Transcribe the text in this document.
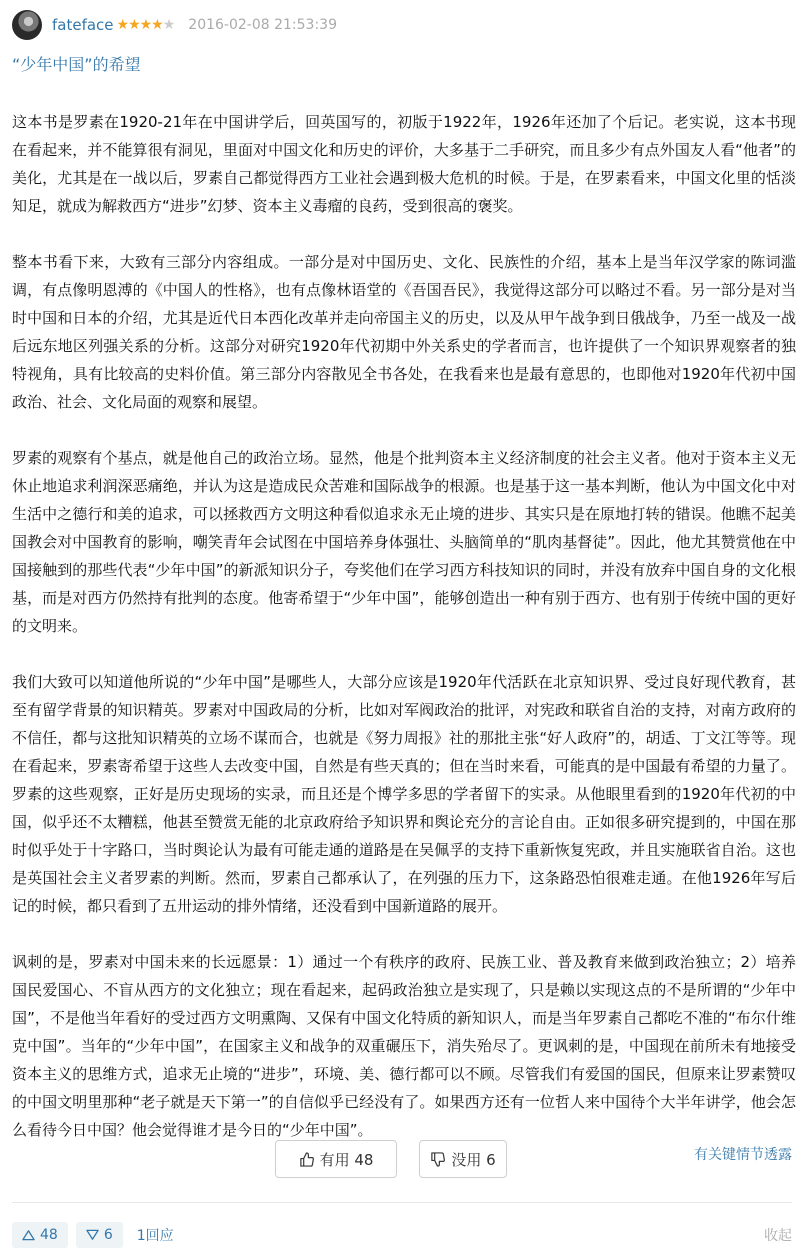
fateface ★★★★★ 2016-02-08 21:53:39
“少年中国”的希望

这本书是罗素在1920-21年在中国讲学后，回英国写的，初版于1922年，1926年还加了个后记。老实说，这本书现在看起来，并不能算很有洞见，里面对中国文化和历史的评价，大多基于二手研究，而且多少有点外国友人看“他者”的美化，尤其是在一战以后，罗素自己都觉得西方工业社会遇到极大危机的时候。于是，在罗素看来，中国文化里的恬淡知足，就成为解救西方“进步”幻梦、资本主义毒瘤的良药，受到很高的褒奖。

整本书看下来，大致有三部分内容组成。一部分是对中国历史、文化、民族性的介绍，基本上是当年汉学家的陈词滥调，有点像明恩溥的《中国人的性格》，也有点像林语堂的《吾国吾民》，我觉得这部分可以略过不看。另一部分是对当时中国和日本的介绍，尤其是近代日本西化改革并走向帝国主义的历史，以及从甲午战争到日俄战争，乃至一战及一战后远东地区列强关系的分析。这部分对研究1920年代初期中外关系史的学者而言，也许提供了一个知识界观察者的独特视角，具有比较高的史料价值。第三部分内容散见全书各处，在我看来也是最有意思的，也即他对1920年代初中国政治、社会、文化局面的观察和展望。

罗素的观察有个基点，就是他自己的政治立场。显然，他是个批判资本主义经济制度的社会主义者。他对于资本主义无休止地追求利润深恶痛绝，并认为这是造成民众苦难和国际战争的根源。也是基于这一基本判断，他认为中国文化中对生活中之德行和美的追求，可以拯救西方文明这种看似追求永无止境的进步、其实只是在原地打转的错误。他瞧不起美国教会对中国教育的影响，嘲笑青年会试图在中国培养身体强壮、头脑简单的“肌肉基督徒”。因此，他尤其赞赏他在中国接触到的那些代表“少年中国”的新派知识分子，夸奖他们在学习西方科技知识的同时，并没有放弃中国自身的文化根基，而是对西方仍然持有批判的态度。他寄希望于“少年中国”，能够创造出一种有别于西方、也有别于传统中国的更好的文明来。

我们大致可以知道他所说的“少年中国”是哪些人，大部分应该是1920年代活跃在北京知识界、受过良好现代教育，甚至有留学背景的知识精英。罗素对中国政局的分析，比如对军阀政治的批评，对宪政和联省自治的支持，对南方政府的不信任，都与这批知识精英的立场不谋而合，也就是《努力周报》社的那批主张“好人政府”的，胡适、丁文江等等。现在看起来，罗素寄希望于这些人去改变中国，自然是有些天真的；但在当时来看，可能真的是中国最有希望的力量了。罗素的这些观察，正好是历史现场的实录，而且还是个博学多思的学者留下的实录。从他眼里看到的1920年代初的中国，似乎还不太糟糕，他甚至赞赏无能的北京政府给予知识界和舆论充分的言论自由。正如很多研究提到的，中国在那时似乎处于十字路口，当时舆论认为最有可能走通的道路是在吴佩孚的支持下重新恢复宪政，并且实施联省自治。这也是英国社会主义者罗素的判断。然而，罗素自己都承认了，在列强的压力下，这条路恐怕很难走通。在他1926年写后记的时候，都只看到了五卅运动的排外情绪，还没看到中国新道路的展开。

讽刺的是，罗素对中国未来的长远愿景：1）通过一个有秩序的政府、民族工业、普及教育来做到政治独立；2）培养国民爱国心、不盲从西方的文化独立；现在看起来，起码政治独立是实现了，只是赖以实现这点的不是所谓的“少年中国”，不是他当年看好的受过西方文明熏陶、又保有中国文化特质的新知识人，而是当年罗素自己都吃不准的“布尔什维克中国”。当年的“少年中国”，在国家主义和战争的双重碾压下，消失殆尽了。更讽刺的是，中国现在前所未有地接受资本主义的思维方式，追求无止境的“进步”，环境、美、德行都可以不顾。尽管我们有爱国的国民，但原来让罗素赞叹的中国文明里那种“老子就是天下第一”的自信似乎已经没有了。如果西方还有一位哲人来中国待个大半年讲学，他会怎么看待今日中国？他会觉得谁才是今日的“少年中国”。

有用 48	没用 6	有关键情节透露
48	6 1回应	收起
